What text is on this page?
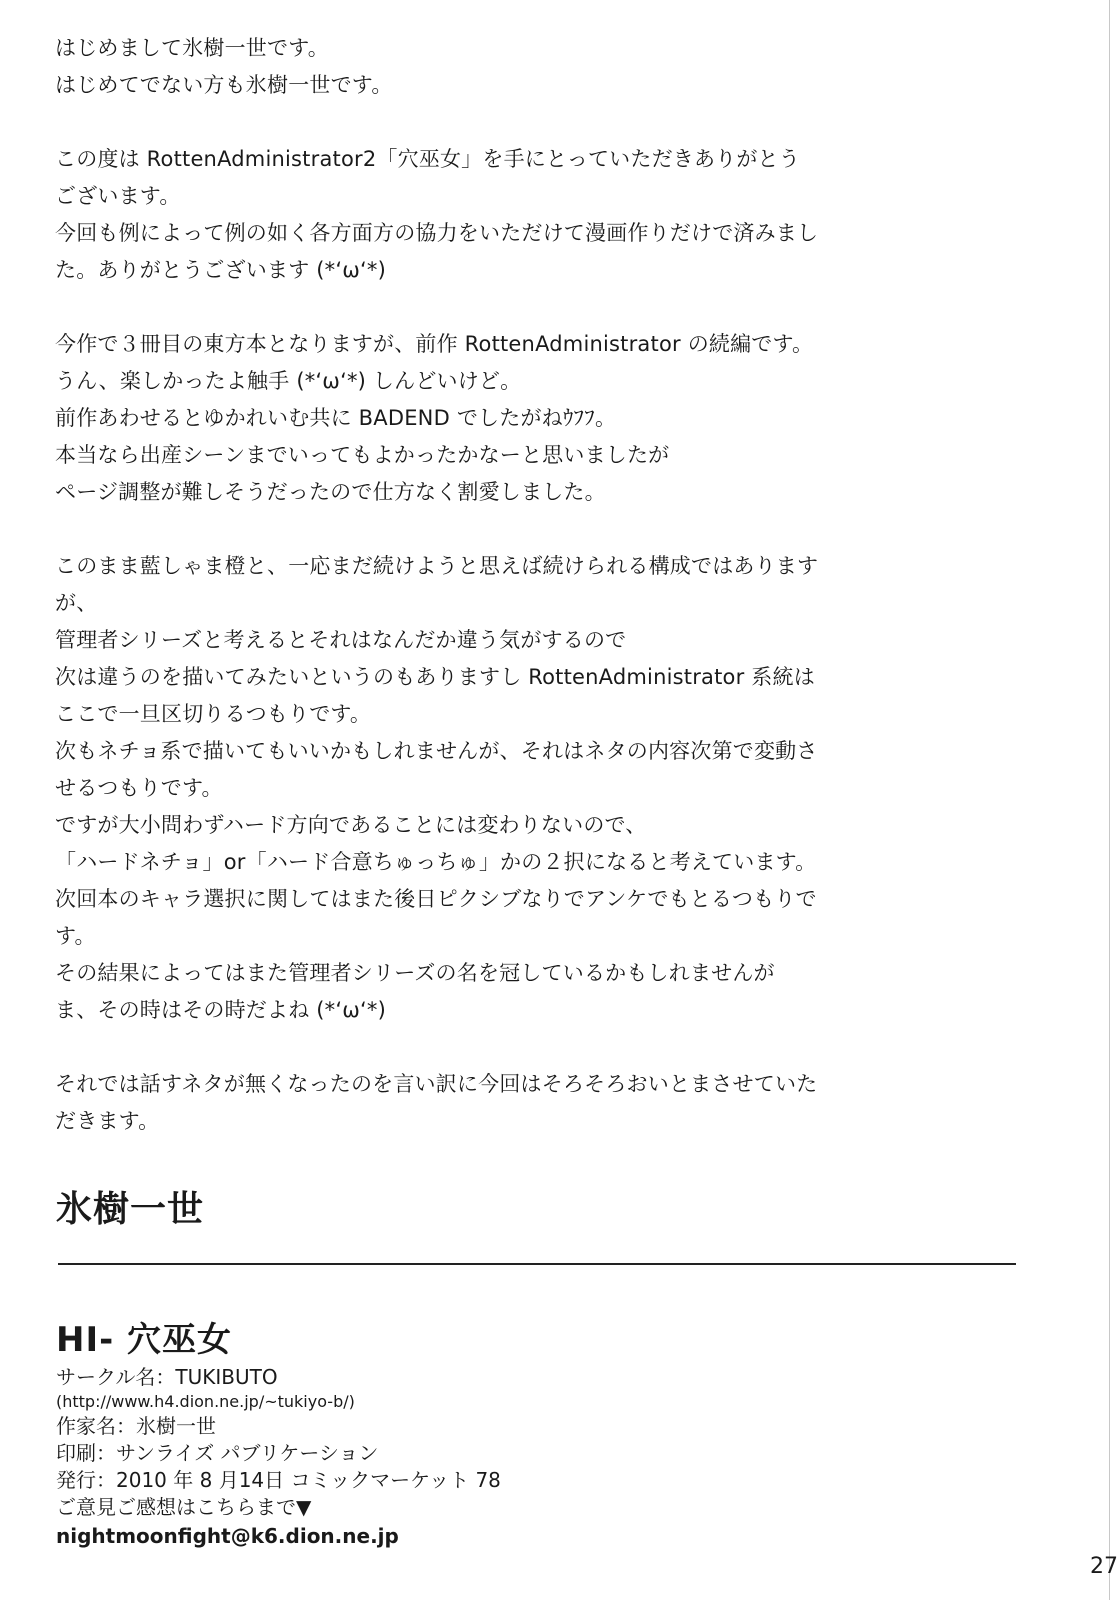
はじめまして氷樹一世です。
はじめてでない方も氷樹一世です。
この度は RottenAdministrator2「穴巫女」を手にとっていただきありがとう
ございます。
今回も例によって例の如く各方面方の協力をいただけて漫画作りだけで済みまし
た。ありがとうございます (*‘ω‘*)
今作で３冊目の東方本となりますが、前作 RottenAdministrator の続編です。
うん、楽しかったよ触手 (*‘ω‘*) しんどいけど。
前作あわせるとゆかれいむ共に BADEND でしたがねｳﾌﾌ。
本当なら出産シーンまでいってもよかったかなーと思いましたが
ページ調整が難しそうだったので仕方なく割愛しました。
このまま藍しゃま橙と、一応まだ続けようと思えば続けられる構成ではあります
が、
管理者シリーズと考えるとそれはなんだか違う気がするので
次は違うのを描いてみたいというのもありますし RottenAdministrator 系統は
ここで一旦区切りるつもりです。
次もネチョ系で描いてもいいかもしれませんが、それはネタの内容次第で変動さ
せるつもりです。
ですが大小問わずハード方向であることには変わりないので、
「ハードネチョ」or「ハード合意ちゅっちゅ」かの２択になると考えています。
次回本のキャラ選択に関してはまた後日ピクシブなりでアンケでもとるつもりで
す。
その結果によってはまた管理者シリーズの名を冠しているかもしれませんが
ま、その時はその時だよね (*‘ω‘*)
それでは話すネタが無くなったのを言い訳に今回はそろそろおいとまさせていた
だきます。
氷樹一世
HI- 穴巫女
サークル名：TUKIBUTO
(http://www.h4.dion.ne.jp/~tukiyo-b/)
作家名：氷樹一世
印刷：サンライズ パブリケーション
発行：2010 年 8 月14日 コミックマーケット 78
ご意見ご感想はこちらまで▼
nightmoonfight@k6.dion.ne.jp
27
